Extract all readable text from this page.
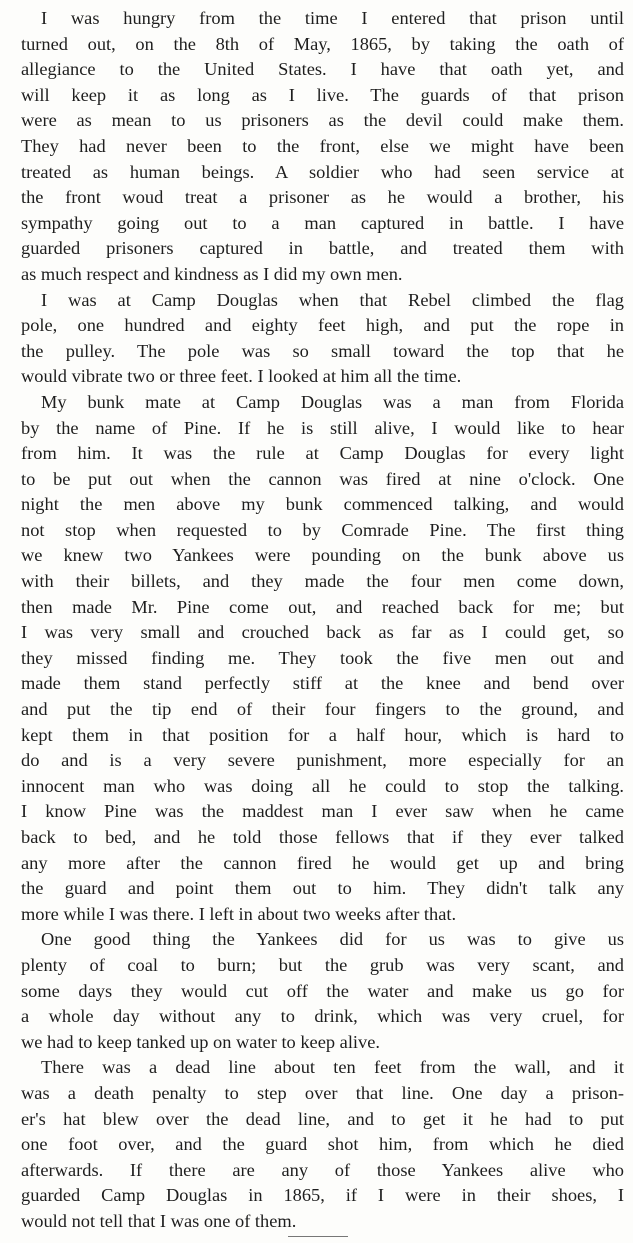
I was hungry from the time I entered that prison until
turned out, on the 8th of May, 1865, by taking the oath of
allegiance to the United States. I have that oath yet, and
will keep it as long as I live. The guards of that prison
were as mean to us prisoners as the devil could make them.
They had never been to the front, else we might have been
treated as human beings. A soldier who had seen service at
the front woud treat a prisoner as he would a brother, his
sympathy going out to a man captured in battle. I have
guarded prisoners captured in battle, and treated them with
as much respect and kindness as I did my own men.

I was at Camp Douglas when that Rebel climbed the flag
pole, one hundred and eighty feet high, and put the rope in
the pulley. The pole was so small toward the top that he
would vibrate two or three feet. I looked at him all the time.

My bunk mate at Camp Douglas was a man from Florida
by the name of Pine. If he is still alive, I would like to hear
from him. It was the rule at Camp Douglas for every light
to be put out when the cannon was fired at nine o'clock. One
night the men above my bunk commenced talking, and would
not stop when requested to by Comrade Pine. The first thing
we knew two Yankees were pounding on the bunk above us
with their billets, and they made the four men come down,
then made Mr. Pine come out, and reached back for me; but
I was very small and crouched back as far as I could get, so
they missed finding me. They took the five men out and
made them stand perfectly stiff at the knee and bend over
and put the tip end of their four fingers to the ground, and
kept them in that position for a half hour, which is hard to
do and is a very severe punishment, more especially for an
innocent man who was doing all he could to stop the talking.
I know Pine was the maddest man I ever saw when he came
back to bed, and he told those fellows that if they ever talked
any more after the cannon fired he would get up and bring
the guard and point them out to him. They didn't talk any
more while I was there. I left in about two weeks after that.

One good thing the Yankees did for us was to give us
plenty of coal to burn; but the grub was very scant, and
some days they would cut off the water and make us go for
a whole day without any to drink, which was very cruel, for
we had to keep tanked up on water to keep alive.

There was a dead line about ten feet from the wall, and it
was a death penalty to step over that line. One day a prison-
er's hat blew over the dead line, and to get it he had to put
one foot over, and the guard shot him, from which he died
afterwards. If there are any of those Yankees alive who
guarded Camp Douglas in 1865, if I were in their shoes, I
would not tell that I was one of them.
